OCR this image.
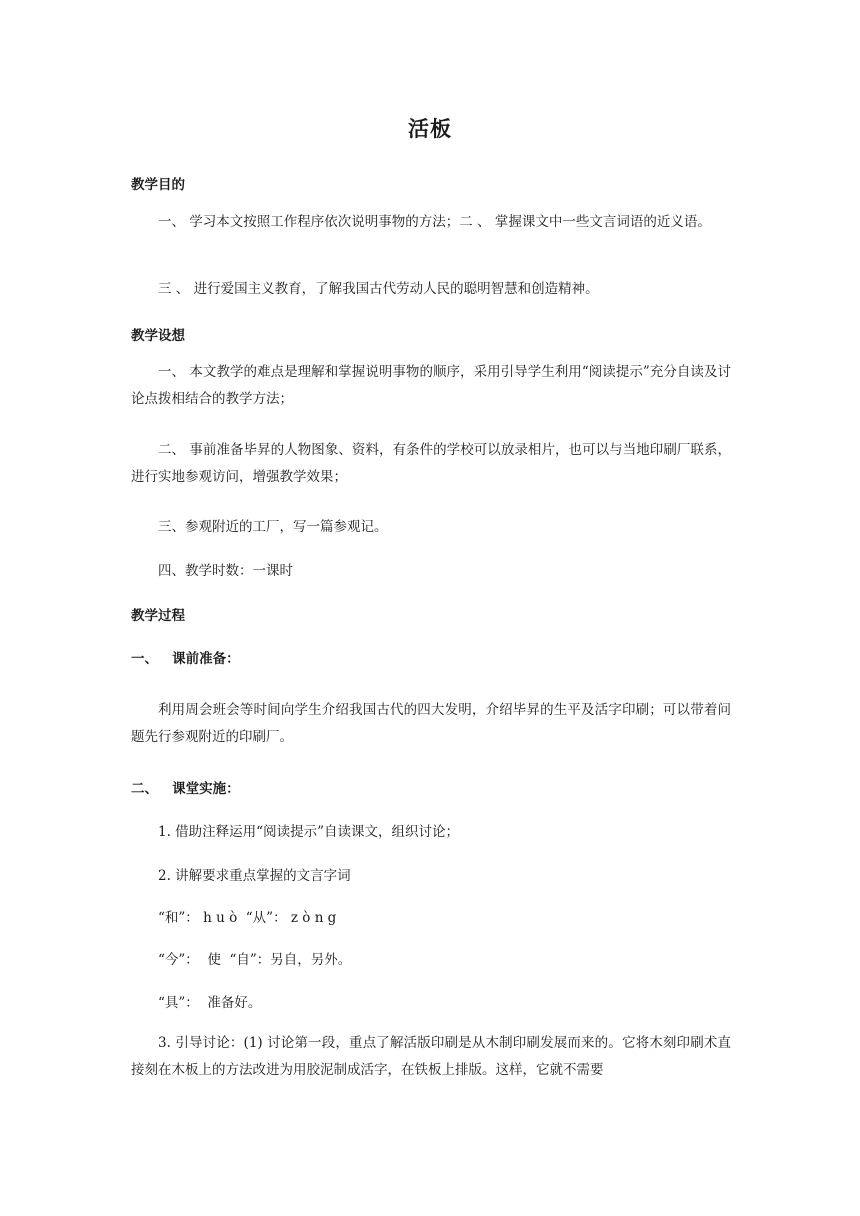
活板
教学目的
一、 学习本文按照工作程序依次说明事物的方法；二 、 掌握课文中一些文言词语的近义语。
三 、 进行爱国主义教育，了解我国古代劳动人民的聪明智慧和创造精神。
教学设想
一、 本文教学的难点是理解和掌握说明事物的顺序，采用引导学生利用“阅读提示”充分自读及讨论点拨相结合的教学方法；
二、 事前准备毕昇的人物图象、资料，有条件的学校可以放录相片，也可以与当地印刷厂联系，进行实地参观访问，增强教学效果；
三、参观附近的工厂，写一篇参观记。
四、教学时数：一课时
教学过程
一、   课前准备：
利用周会班会等时间向学生介绍我国古代的四大发明，介绍毕昇的生平及活字印刷；可以带着问题先行参观附近的印刷厂。
二、   课堂实施：
1. 借助注释运用“阅读提示”自读课文，组织讨论；
2. 讲解要求重点掌握的文言字词
“和”： h u ò  “从”： z ò n g
“今”：  使  “自”：另自，另外。
“具”：  准备好。
3. 引导讨论：(1) 讨论第一段，重点了解活版印刷是从木制印刷发展而来的。它将木刻印刷术直接刻在木板上的方法改进为用胶泥制成活字，在铁板上排版。这样，它就不需要
